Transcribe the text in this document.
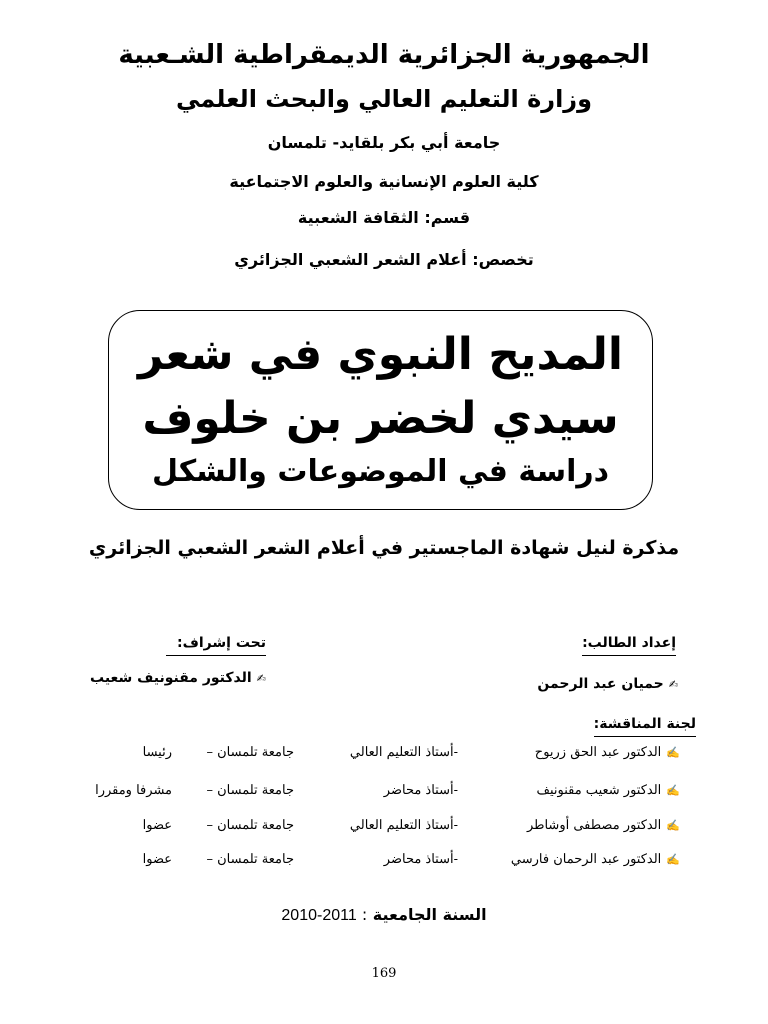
الجمهورية الجزائرية الديمقراطية الشـعبية
وزارة التعليم العالي والبحث العلمي
جامعة أبي بكر بلقايد- تلمسان
كلية العلوم الإنسانية والعلوم الاجتماعية
قسم: الثقافة الشعبية
تخصص: أعلام الشعر الشعبي الجزائري
المديح النبوي في شعر
سيدي لخضر بن خلوف
دراسة في الموضوعات والشكل
مذكرة لنيل شهادة الماجستير في أعلام الشعر الشعبي الجزائري
إعداد الطالب:
✍حميان عبد الرحمن
تحت إشراف:
✍الدكتور مقنونيف شعيب
لجنة المناقشة:
✍الدكتور عبد الحق زريوح
-أستاذ التعليم العالي
جامعة تلمسان –
رئيسا
✍الدكتور شعيب مقنونيف
-أستاذ محاضر
جامعة تلمسان –
مشرفا ومقررا
✍الدكتور مصطفى أوشاطر
-أستاذ التعليم العالي
جامعة تلمسان –
عضوا
✍الدكتور عبد الرحمان فارسي
-أستاذ محاضر
جامعة تلمسان –
عضوا
السنة الجامعية : 2011-2010
169
